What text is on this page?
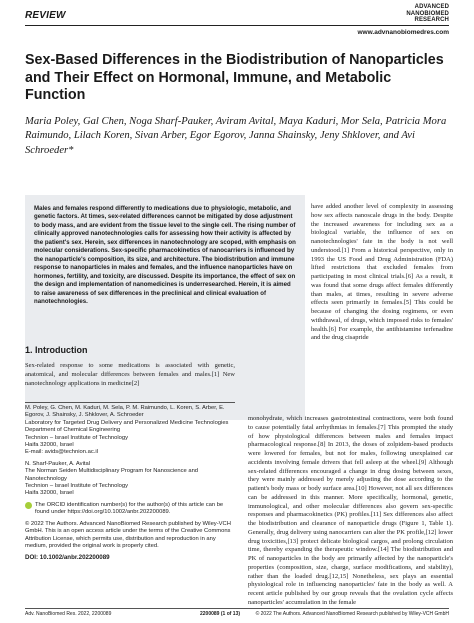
REVIEW
ADVANCED
NANOBIOMED
RESEARCH
www.advnanobiomedres.com
Sex-Based Differences in the Biodistribution of Nanoparticles and Their Effect on Hormonal, Immune, and Metabolic Function
Maria Poley, Gal Chen, Noga Sharf-Pauker, Aviram Avital, Maya Kaduri, Mor Sela, Patricia Mora Raimundo, Lilach Koren, Sivan Arber, Egor Egorov, Janna Shainsky, Jeny Shklover, and Avi Schroeder*

Males and females respond differently to medications due to physiologic, metabolic, and genetic factors. At times, sex-related differences cannot be mitigated by dose adjustment to body mass, and are evident from the tissue level to the single cell. The rising number of clinically approved nanotechnologies calls for assessing how their activity is affected by the patient's sex. Herein, sex differences in nanotechnology are scoped, with emphasis on molecular considerations. Sex-specific pharmacokinetics of nanocarriers is influenced by the nanoparticle's composition, its size, and architecture. The biodistribution and immune response to nanoparticles in males and females, and the influence nanoparticles have on hormones, fertility, and toxicity, are discussed. Despite its importance, the effect of sex on the design and implementation of nanomedicines is underresearched. Herein, it is aimed to raise awareness of sex differences in the preclinical and clinical evaluation of nanotechnologies.

have added another level of complexity in assessing how sex affects nanoscale drugs in the body. Despite the increased awareness for including sex as a biological variable, the influence of sex on nanotechnologies' fate in the body is not well understood.[1] From a historical perspective, only in 1993 the US Food and Drug Administration (FDA) lifted restrictions that excluded females from participating in most clinical trials.[6] As a result, it was found that some drugs affect females differently than males, at times, resulting in severe adverse effects seen primarily in females.[5] This could be because of changing the dosing regimens, or even withdrawal, of drugs, which imposed risks to females' health.[6] For example, the antihistamine terfenadine and the drug cisapride

1. Introduction

Sex-related response to some medications is associated with genetic, anatomical, and molecular differences between females and males.[1] New nanotechnology applications in medicine[2]

M. Poley, G. Chen, M. Kaduri, M. Sela, P. M. Raimundo, L. Koren, S. Arber, E. Egorov, J. Shainsky, J. Shklover, A. Schroeder
Laboratory for Targeted Drug Delivery and Personalized Medicine Technologies
Department of Chemical Engineering
Technion – Israel Institute of Technology
Haifa 32000, Israel
E-mail: avids@technion.ac.il

N. Sharf-Pauker, A. Avital
The Norman Seiden Multidisciplinary Program for Nanoscience and Nanotechnology
Technion – Israel Institute of Technology
Haifa 32000, Israel

The ORCID identification number(s) for the author(s) of this article can be found under https://doi.org/10.1002/anbr.202200089.

© 2022 The Authors. Advanced NanoBiomed Research published by Wiley-VCH GmbH. This is an open access article under the terms of the Creative Commons Attribution License, which permits use, distribution and reproduction in any medium, provided the original work is properly cited.

DOI: 10.1002/anbr.202200089

monohydrate, which increases gastrointestinal contractions, were both found to cause potentially fatal arrhythmias in females.[7] This prompted the study of how physiological differences between males and females impact pharmacological response.[8] In 2013, the doses of zolpidem-based products were lowered for females, but not for males, following unexplained car accidents involving female drivers that fell asleep at the wheel.[9] Although sex-related differences encouraged a change in drug dosing between sexes, they were mainly addressed by merely adjusting the dose according to the patient's body mass or body surface area.[10] However, not all sex differences can be addressed in this manner. More specifically, hormonal, genetic, immunological, and other molecular differences also govern sex-specific responses and pharmacokinetics (PK) profiles.[11] Sex differences also affect the biodistribution and clearance of nanoparticle drugs (Figure 1, Table 1). Generally, drug delivery using nanocarriers can alter the PK profile,[12] lower drug toxicities,[13] protect delicate biological cargos, and prolong circulation time, thereby expanding the therapeutic window.[14] The biodistribution and PK of nanoparticles in the body are primarily affected by the nanoparticle's properties (composition, size, charge, surface modifications, and stability), rather than the loaded drug.[12,15] Nonetheless, sex plays an essential physiological role in influencing nanoparticles' fate in the body as well. A recent article published by our group reveals that the ovulation cycle affects nanoparticles' accumulation in the female

Adv. NanoBiomed Res. 2022, 2200089	2200089 (1 of 13)	© 2022 The Authors. Advanced NanoBiomed Research published by Wiley-VCH GmbH
